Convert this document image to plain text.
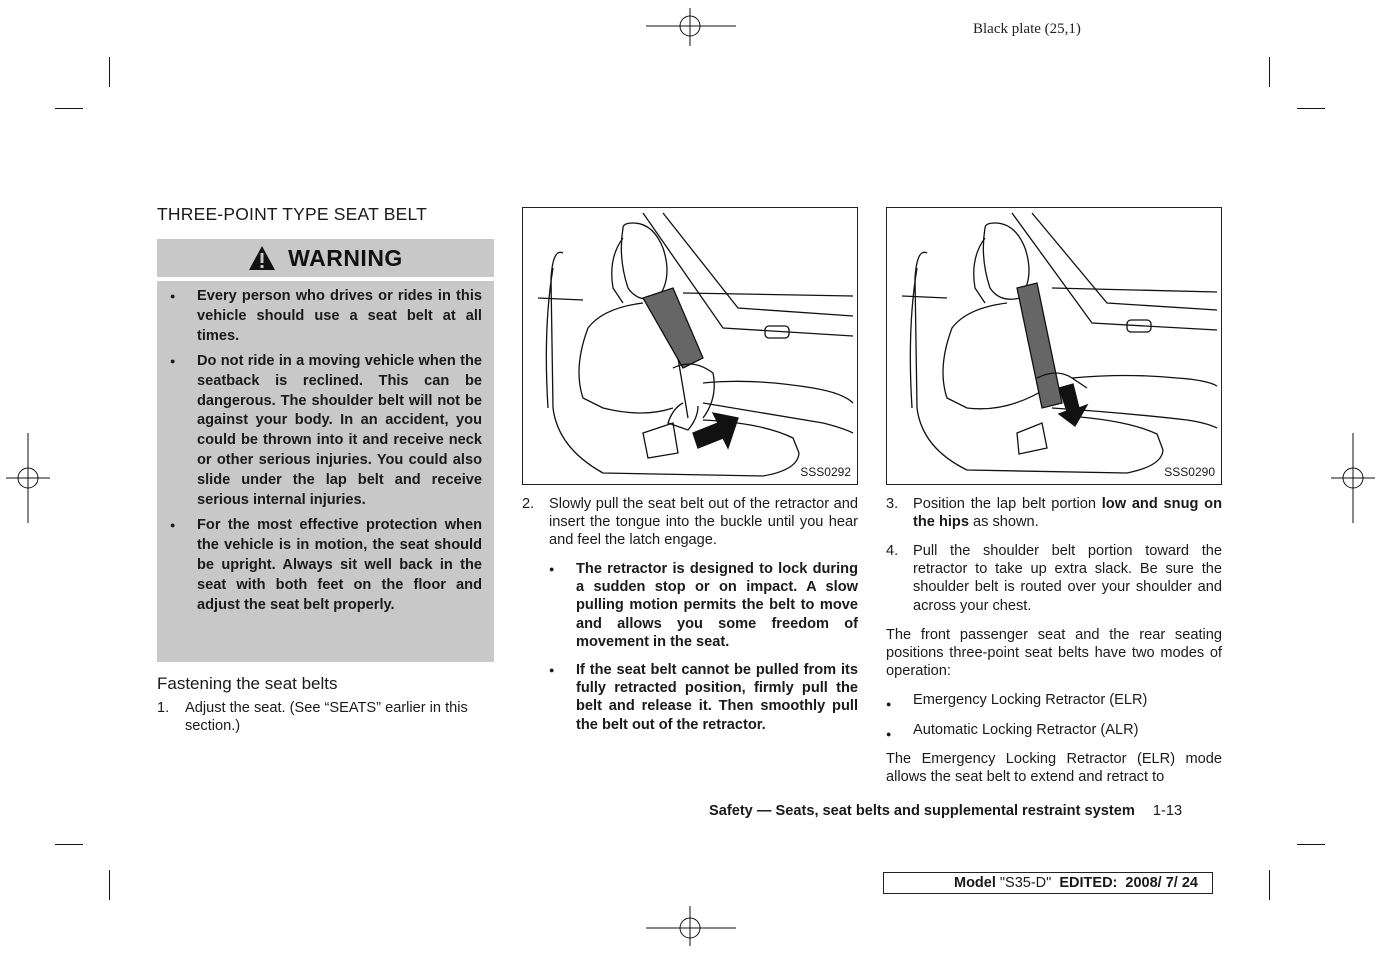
Black plate (25,1)
THREE-POINT TYPE SEAT BELT
WARNING
● Every person who drives or rides in this vehicle should use a seat belt at all times.
● Do not ride in a moving vehicle when the seatback is reclined. This can be dangerous. The shoulder belt will not be against your body. In an accident, you could be thrown into it and receive neck or other serious injuries. You could also slide under the lap belt and receive serious internal injuries.
● For the most effective protection when the vehicle is in motion, the seat should be upright. Always sit well back in the seat with both feet on the floor and adjust the seat belt properly.
Fastening the seat belts
1.	Adjust the seat. (See “SEATS” earlier in this section.)
SSS0292	SSS0290
2.	Slowly pull the seat belt out of the retractor and insert the tongue into the buckle until you hear and feel the latch engage.
●	The retractor is designed to lock during a sudden stop or on impact. A slow pulling motion permits the belt to move and allows you some freedom of movement in the seat.
●	If the seat belt cannot be pulled from its fully retracted position, firmly pull the belt and release it. Then smoothly pull the belt out of the retractor.
3.	Position the lap belt portion low and snug on the hips as shown.
4.	Pull the shoulder belt portion toward the retractor to take up extra slack. Be sure the shoulder belt is routed over your shoulder and across your chest.
The front passenger seat and the rear seating positions three-point seat belts have two modes of operation:
●	Emergency Locking Retractor (ELR)
●	Automatic Locking Retractor (ALR)
The Emergency Locking Retractor (ELR) mode allows the seat belt to extend and retract to
Safety — Seats, seat belts and supplemental restraint system 1-13
Model "S35-D"  EDITED:  2008/ 7/ 24
